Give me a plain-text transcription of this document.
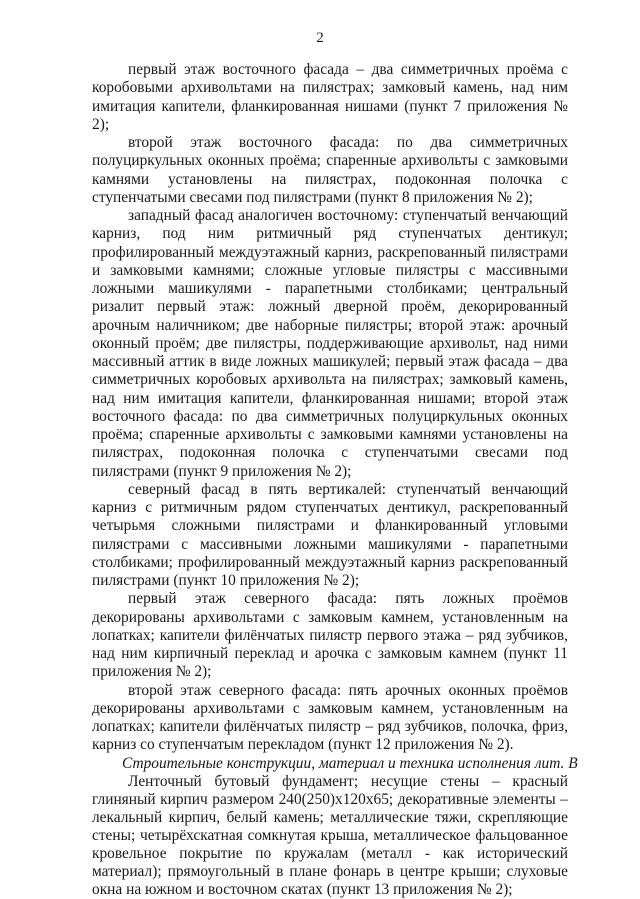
2

первый этаж восточного фасада – два симметричных проёма с коробовыми архивольтами на пилястрах; замковый камень, над ним имитация капители, фланкированная нишами (пункт 7 приложения № 2);

второй этаж восточного фасада: по два симметричных полуциркульных оконных проёма; спаренные архивольты с замковыми камнями установлены на пилястрах, подоконная полочка с ступенчатыми свесами под пилястрами (пункт 8 приложения № 2);

западный фасад аналогичен восточному: ступенчатый венчающий карниз, под ним ритмичный ряд ступенчатых дентикул; профилированный междуэтажный карниз, раскрепованный пилястрами и замковыми камнями; сложные угловые пилястры с массивными ложными машикулями - парапетными столбиками; центральный ризалит первый этаж: ложный дверной проём, декорированный арочным наличником; две наборные пилястры; второй этаж: арочный оконный проём; две пилястры, поддерживающие архивольт, над ними массивный аттик в виде ложных машикулей; первый этаж фасада – два симметричных коробовых архивольта на пилястрах; замковый камень, над ним имитация капители, фланкированная нишами; второй этаж восточного фасада: по два симметричных полуциркульных оконных проёма; спаренные архивольты с замковыми камнями установлены на пилястрах, подоконная полочка с ступенчатыми свесами под пилястрами (пункт 9 приложения № 2);

северный фасад в пять вертикалей: ступенчатый венчающий карниз с ритмичным рядом ступенчатых дентикул, раскрепованный четырьмя сложными пилястрами и фланкированный угловыми пилястрами с массивными ложными машикулями - парапетными столбиками; профилированный междуэтажный карниз раскрепованный пилястрами (пункт 10 приложения № 2);

первый этаж северного фасада: пять ложных проёмов декорированы архивольтами с замковым камнем, установленным на лопатках; капители филёнчатых пилястр первого этажа – ряд зубчиков, над ним кирпичный переклад и арочка с замковым камнем (пункт 11 приложения № 2);

второй этаж северного фасада: пять арочных оконных проёмов декорированы архивольтами с замковым камнем, установленным на лопатках; капители филёнчатых пилястр – ряд зубчиков, полочка, фриз, карниз со ступенчатым перекладом (пункт 12 приложения № 2).

Строительные конструкции, материал и техника исполнения лит. В

Ленточный бутовый фундамент; несущие стены – красный глиняный кирпич размером 240(250)х120х65; декоративные элементы – лекальный кирпич, белый камень; металлические тяжи, скрепляющие стены; четырёхскатная сомкнутая крыша, металлическое фальцованное кровельное покрытие по кружалам (металл - как исторический материал); прямоугольный в плане фонарь в центре крыши; слуховые окна на южном и восточном скатах (пункт 13 приложения № 2);
